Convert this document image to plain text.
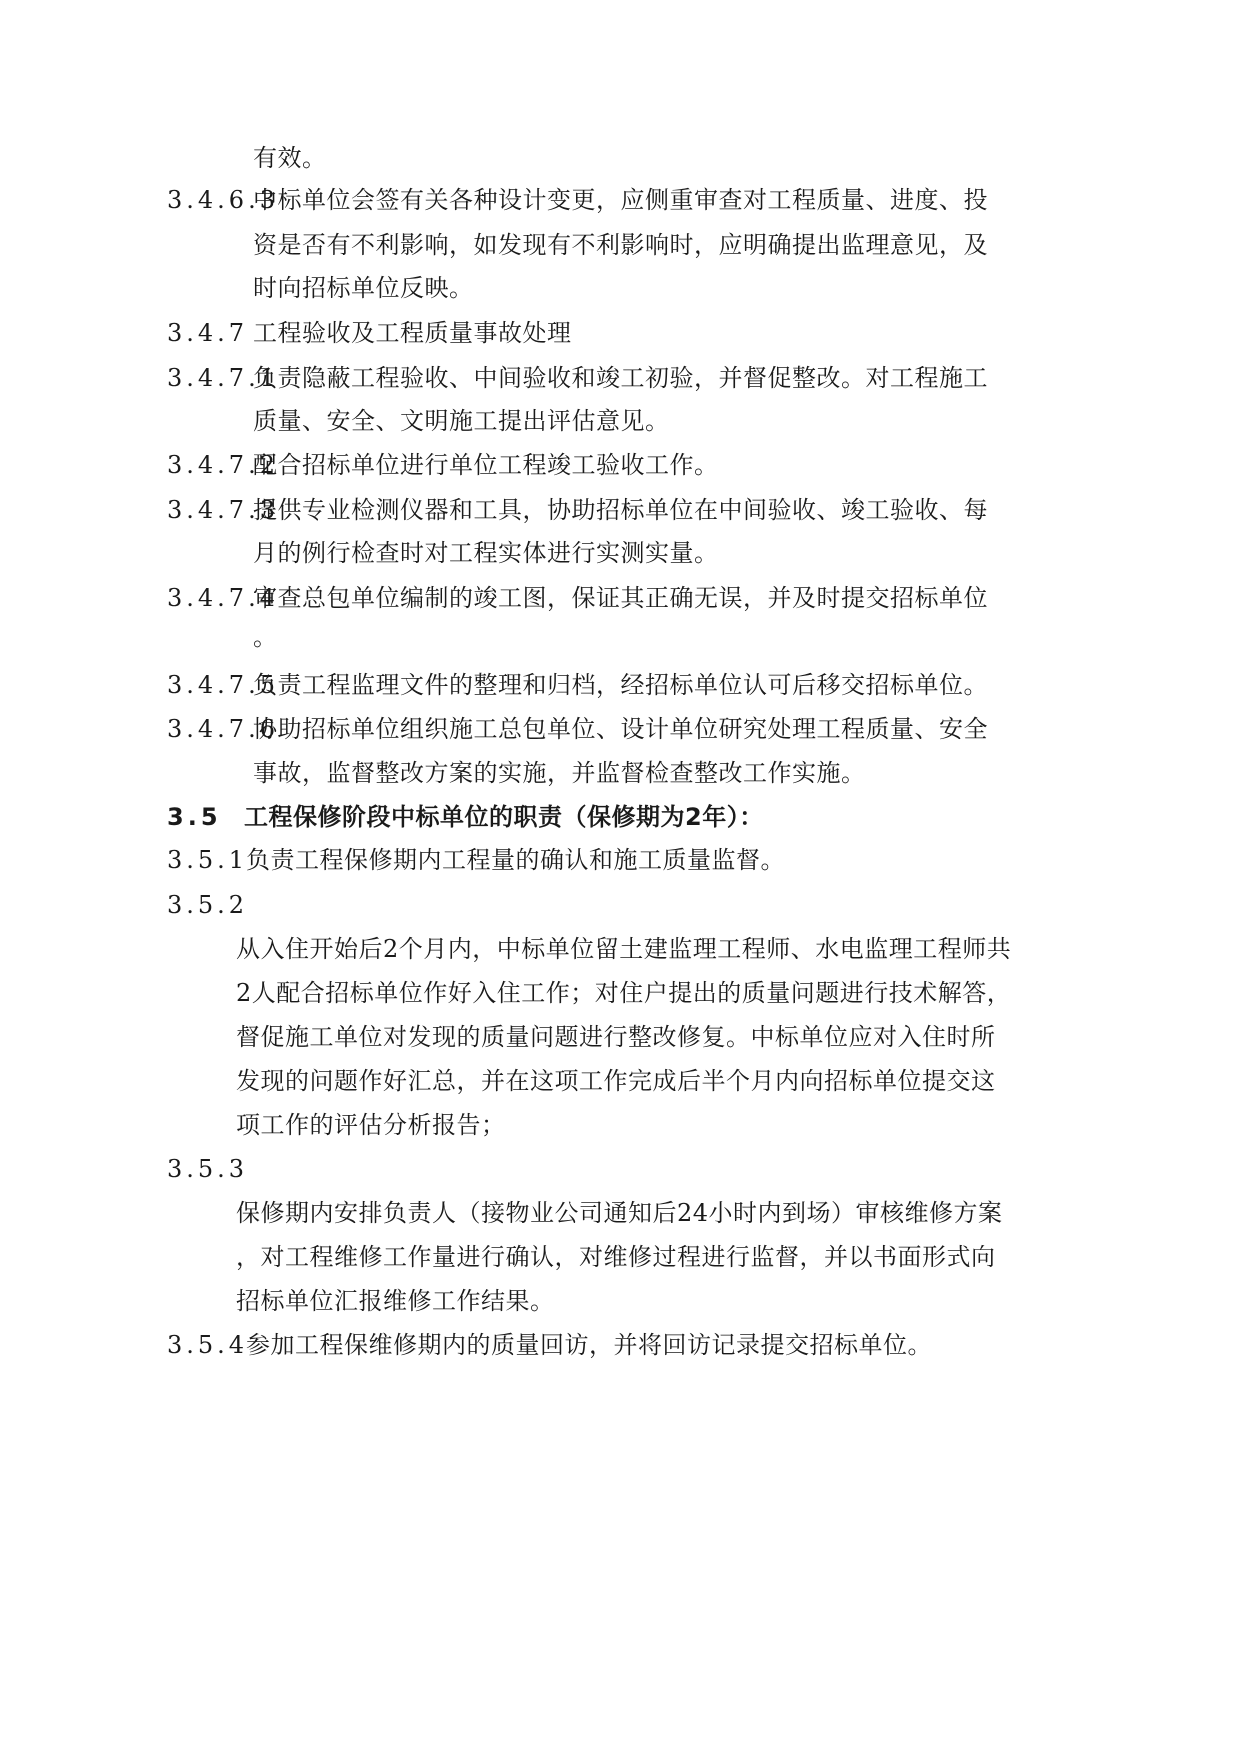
有效。
3.4.6.3
中标单位会签有关各种设计变更，应侧重审查对工程质量、进度、投
资是否有不利影响，如发现有不利影响时，应明确提出监理意见，及
时向招标单位反映。
3.4.7 工程验收及工程质量事故处理
3.4.7.1
负责隐蔽工程验收、中间验收和竣工初验，并督促整改。对工程施工
质量、安全、文明施工提出评估意见。
3.4.7.2
配合招标单位进行单位工程竣工验收工作。
3.4.7.3
提供专业检测仪器和工具，协助招标单位在中间验收、竣工验收、每
月的例行检查时对工程实体进行实测实量。
3.4.7.4
审查总包单位编制的竣工图，保证其正确无误，并及时提交招标单位
。
3.4.7.5
负责工程监理文件的整理和归档，经招标单位认可后移交招标单位。
3.4.7.6
协助招标单位组织施工总包单位、设计单位研究处理工程质量、安全
事故，监督整改方案的实施，并监督检查整改工作实施。
3.5 工程保修阶段中标单位的职责（保修期为2年）：
3.5.1
负责工程保修期内工程量的确认和施工质量监督。
3.5.2
从入住开始后2个月内，中标单位留土建监理工程师、水电监理工程师共
2人配合招标单位作好入住工作；对住户提出的质量问题进行技术解答，
督促施工单位对发现的质量问题进行整改修复。中标单位应对入住时所
发现的问题作好汇总，并在这项工作完成后半个月内向招标单位提交这
项工作的评估分析报告；
3.5.3
保修期内安排负责人（接物业公司通知后24小时内到场）审核维修方案
，对工程维修工作量进行确认，对维修过程进行监督，并以书面形式向
招标单位汇报维修工作结果。
3.5.4
参加工程保维修期内的质量回访，并将回访记录提交招标单位。
